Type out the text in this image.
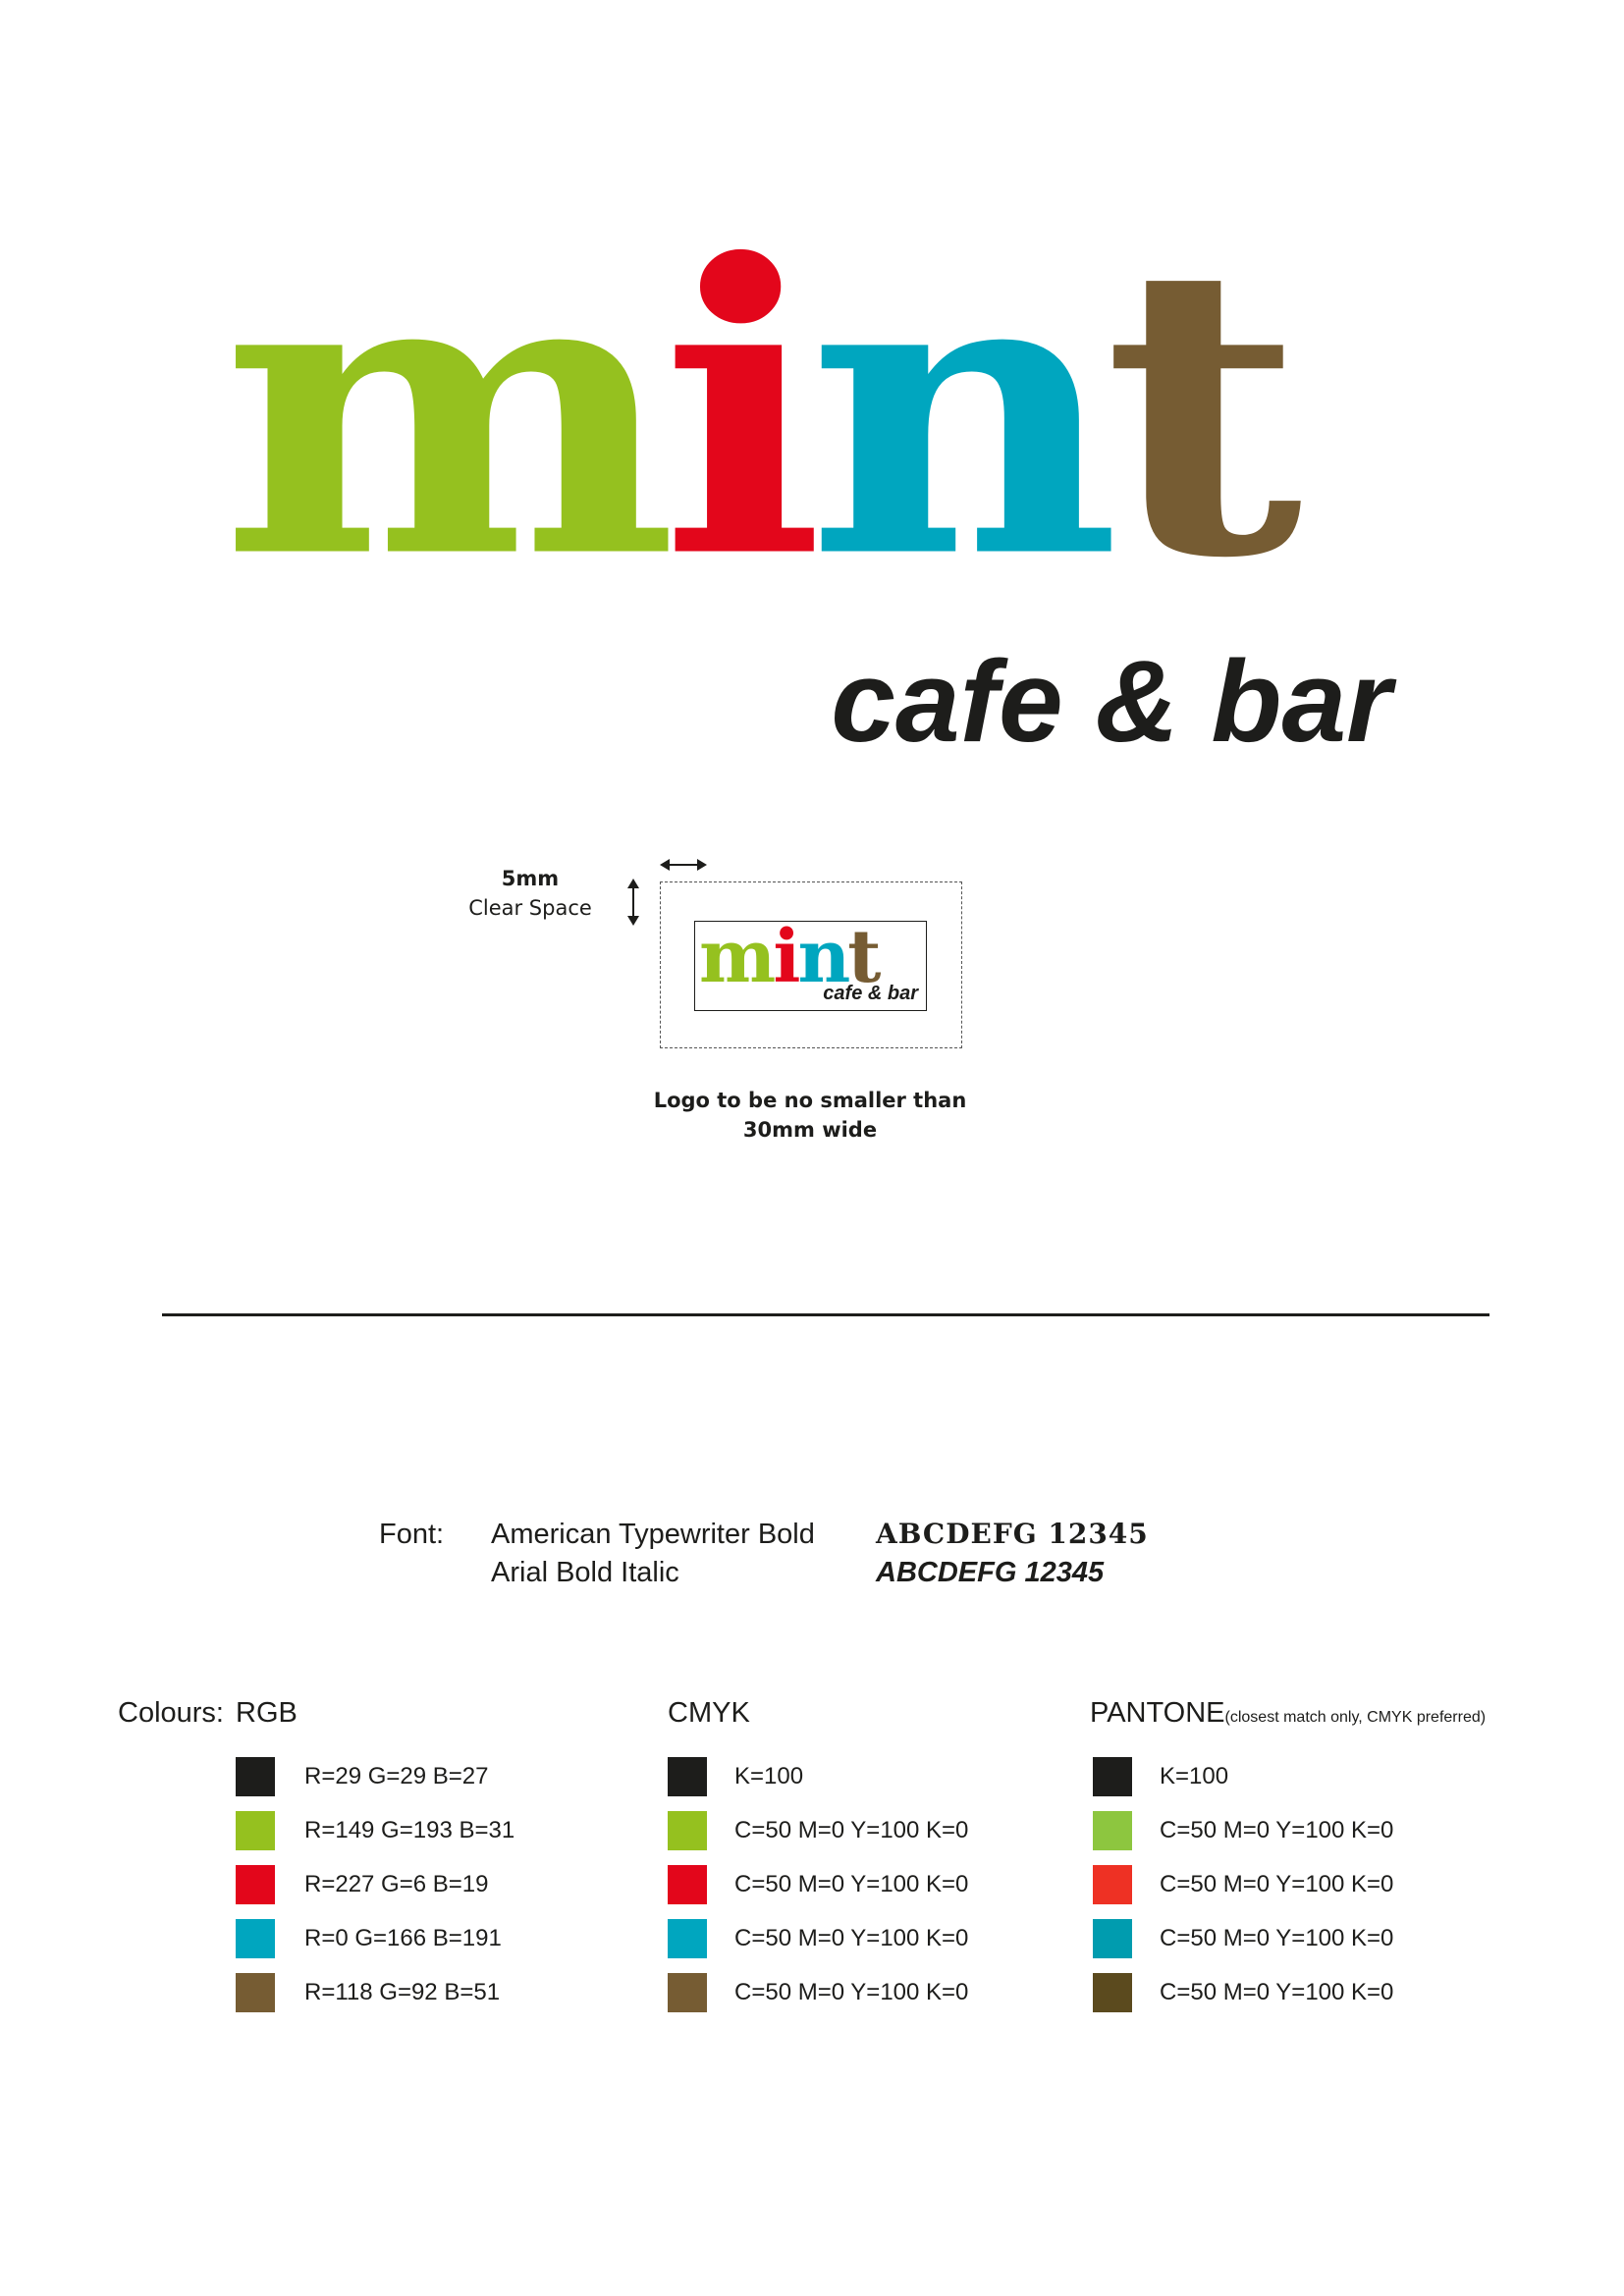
mint
cafe & bar
5mm
Clear Space
mint
cafe & bar
Logo to be no smaller than
30mm wide
Font: American Typewriter Bold
Arial Bold Italic
ABCDEFG 12345
ABCDEFG 12345
Colours: RGB	CMYK	PANTONE(closest match only, CMYK preferred)
R=29 G=29 B=27
R=149 G=193 B=31
R=227 G=6 B=19
R=0 G=166 B=191
R=118 G=92 B=51
K=100
C=50 M=0 Y=100 K=0
C=50 M=0 Y=100 K=0
C=50 M=0 Y=100 K=0
C=50 M=0 Y=100 K=0
K=100
C=50 M=0 Y=100 K=0
C=50 M=0 Y=100 K=0
C=50 M=0 Y=100 K=0
C=50 M=0 Y=100 K=0
